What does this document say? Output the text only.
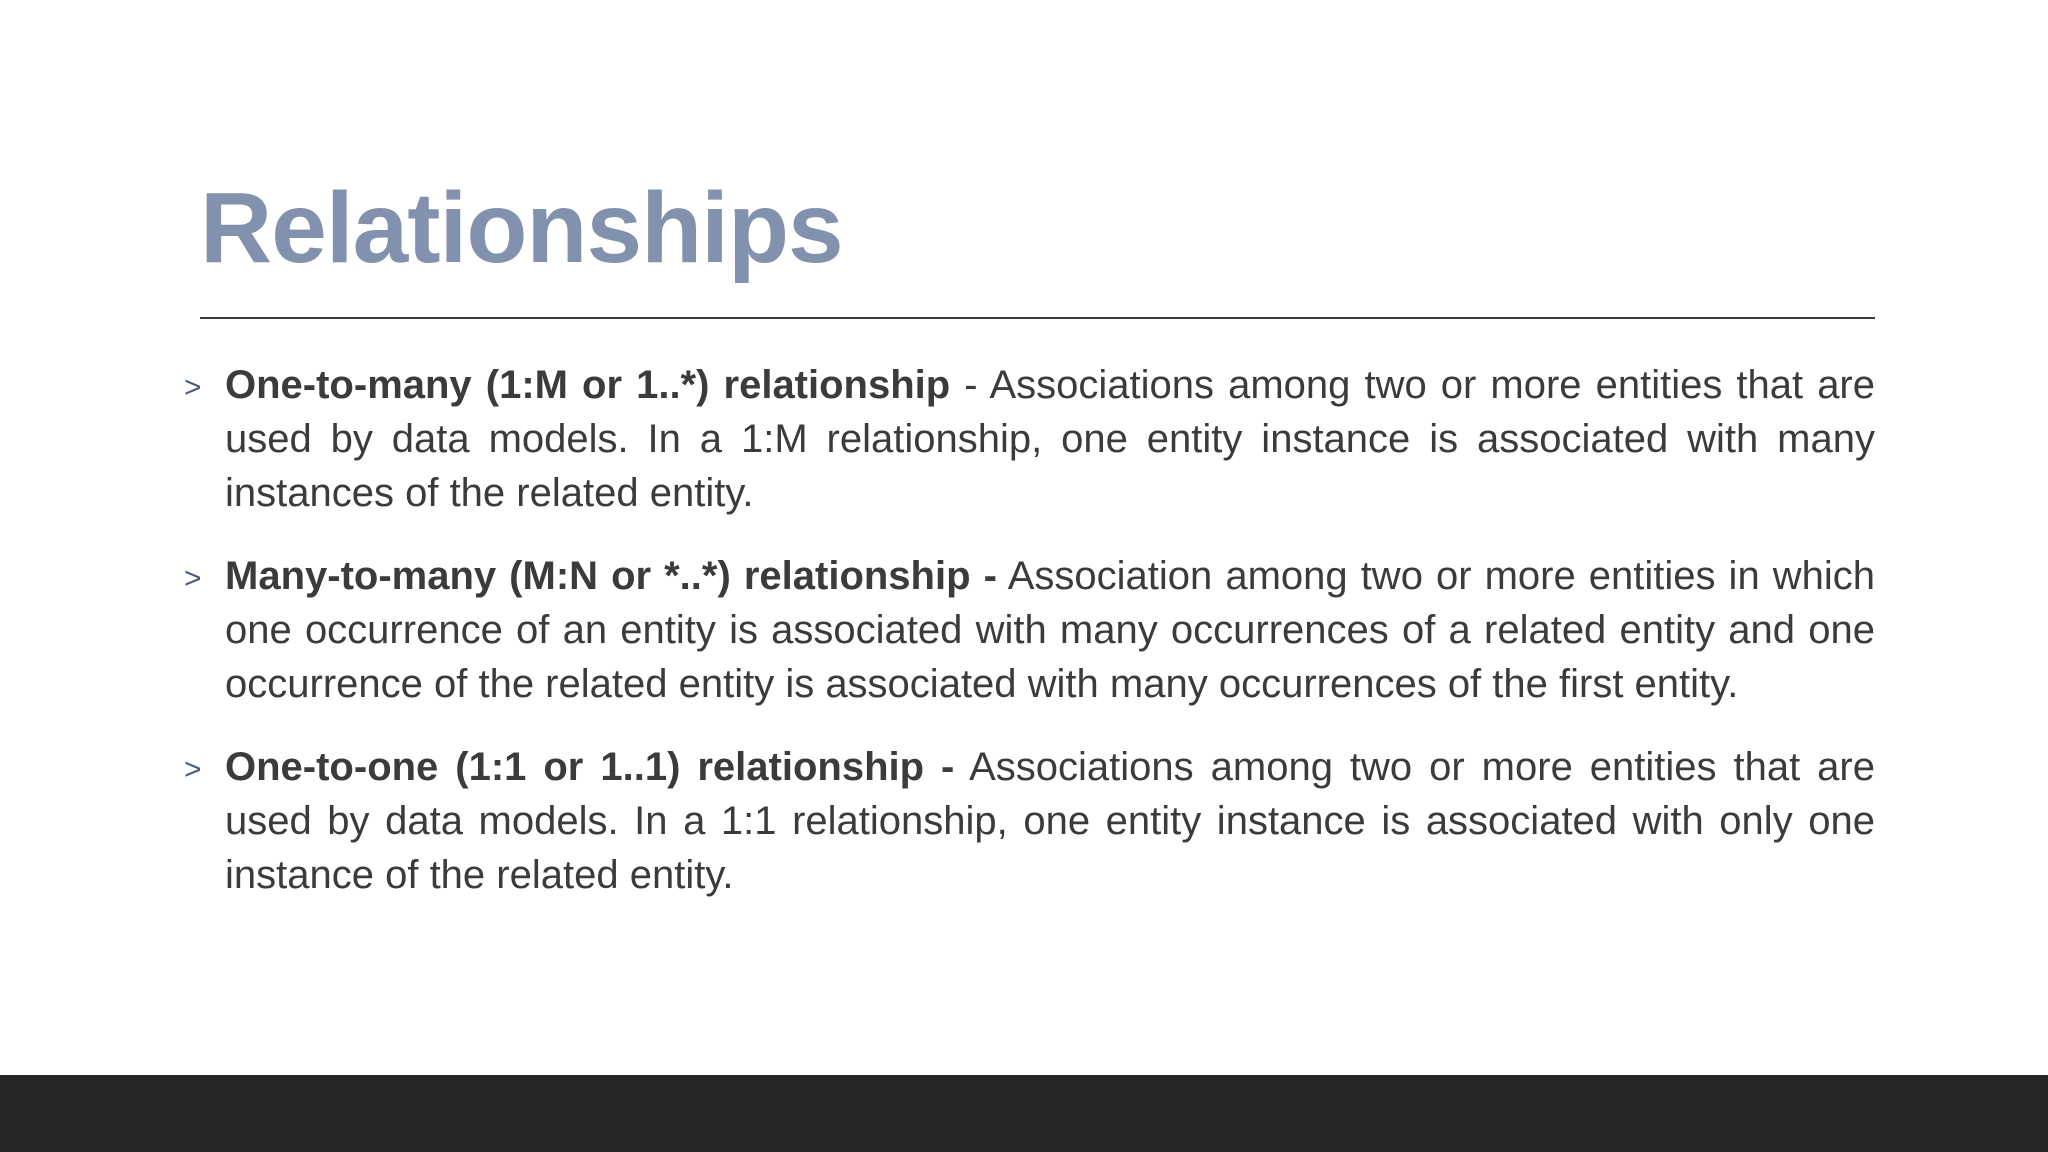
Relationships
> One-to-many (1:M or 1..*) relationship - Associations among two or more entities that are used by data models. In a 1:M relationship, one entity instance is associated with many instances of the related entity.
> Many-to-many (M:N or *..*) relationship - Association among two or more entities in which one occurrence of an entity is associated with many occurrences of a related entity and one occurrence of the related entity is associated with many occurrences of the first entity.
> One-to-one (1:1 or 1..1) relationship - Associations among two or more entities that are used by data models. In a 1:1 relationship, one entity instance is associated with only one instance of the related entity.
